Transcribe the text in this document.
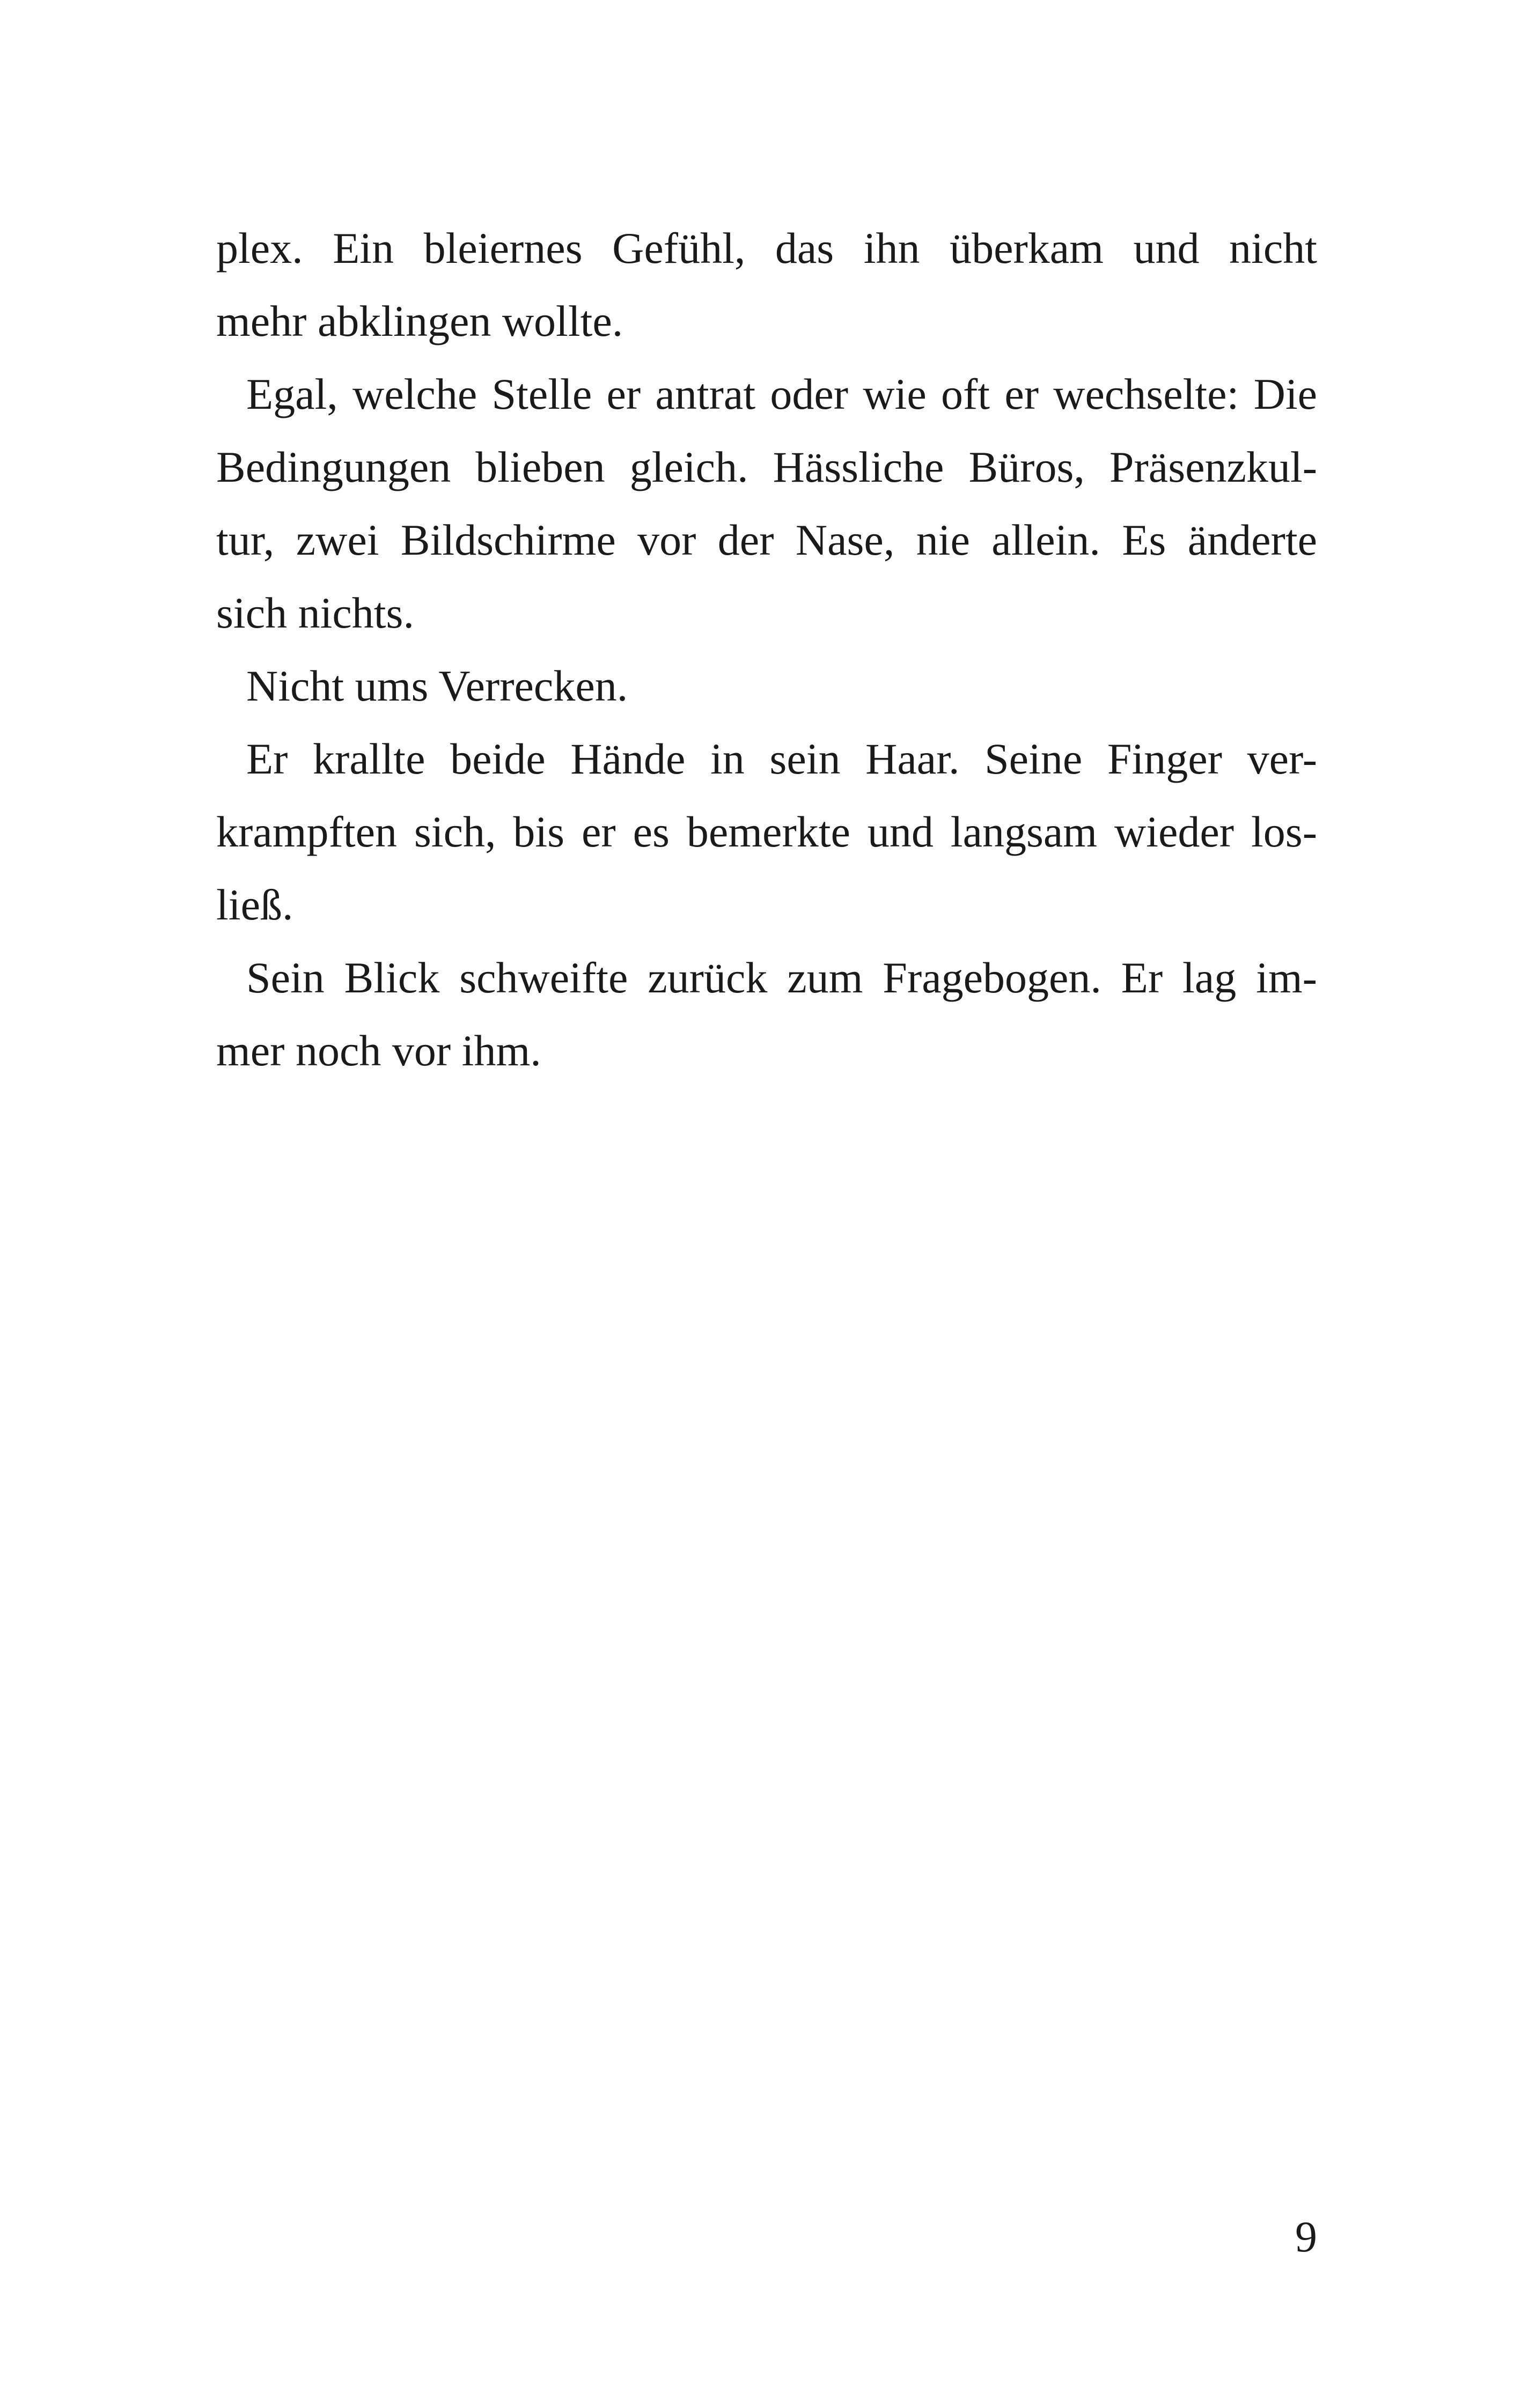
plex. Ein bleiernes Gefühl, das ihn überkam und nicht
mehr abklingen wollte.
Egal, welche Stelle er antrat oder wie oft er wechselte: Die
Bedingungen blieben gleich. Hässliche Büros, Präsenzkul-
tur, zwei Bildschirme vor der Nase, nie allein. Es änderte
sich nichts.
Nicht ums Verrecken.
Er krallte beide Hände in sein Haar. Seine Finger ver-
krampften sich, bis er es bemerkte und langsam wieder los-
ließ.
Sein Blick schweifte zurück zum Fragebogen. Er lag im-
mer noch vor ihm.
9
